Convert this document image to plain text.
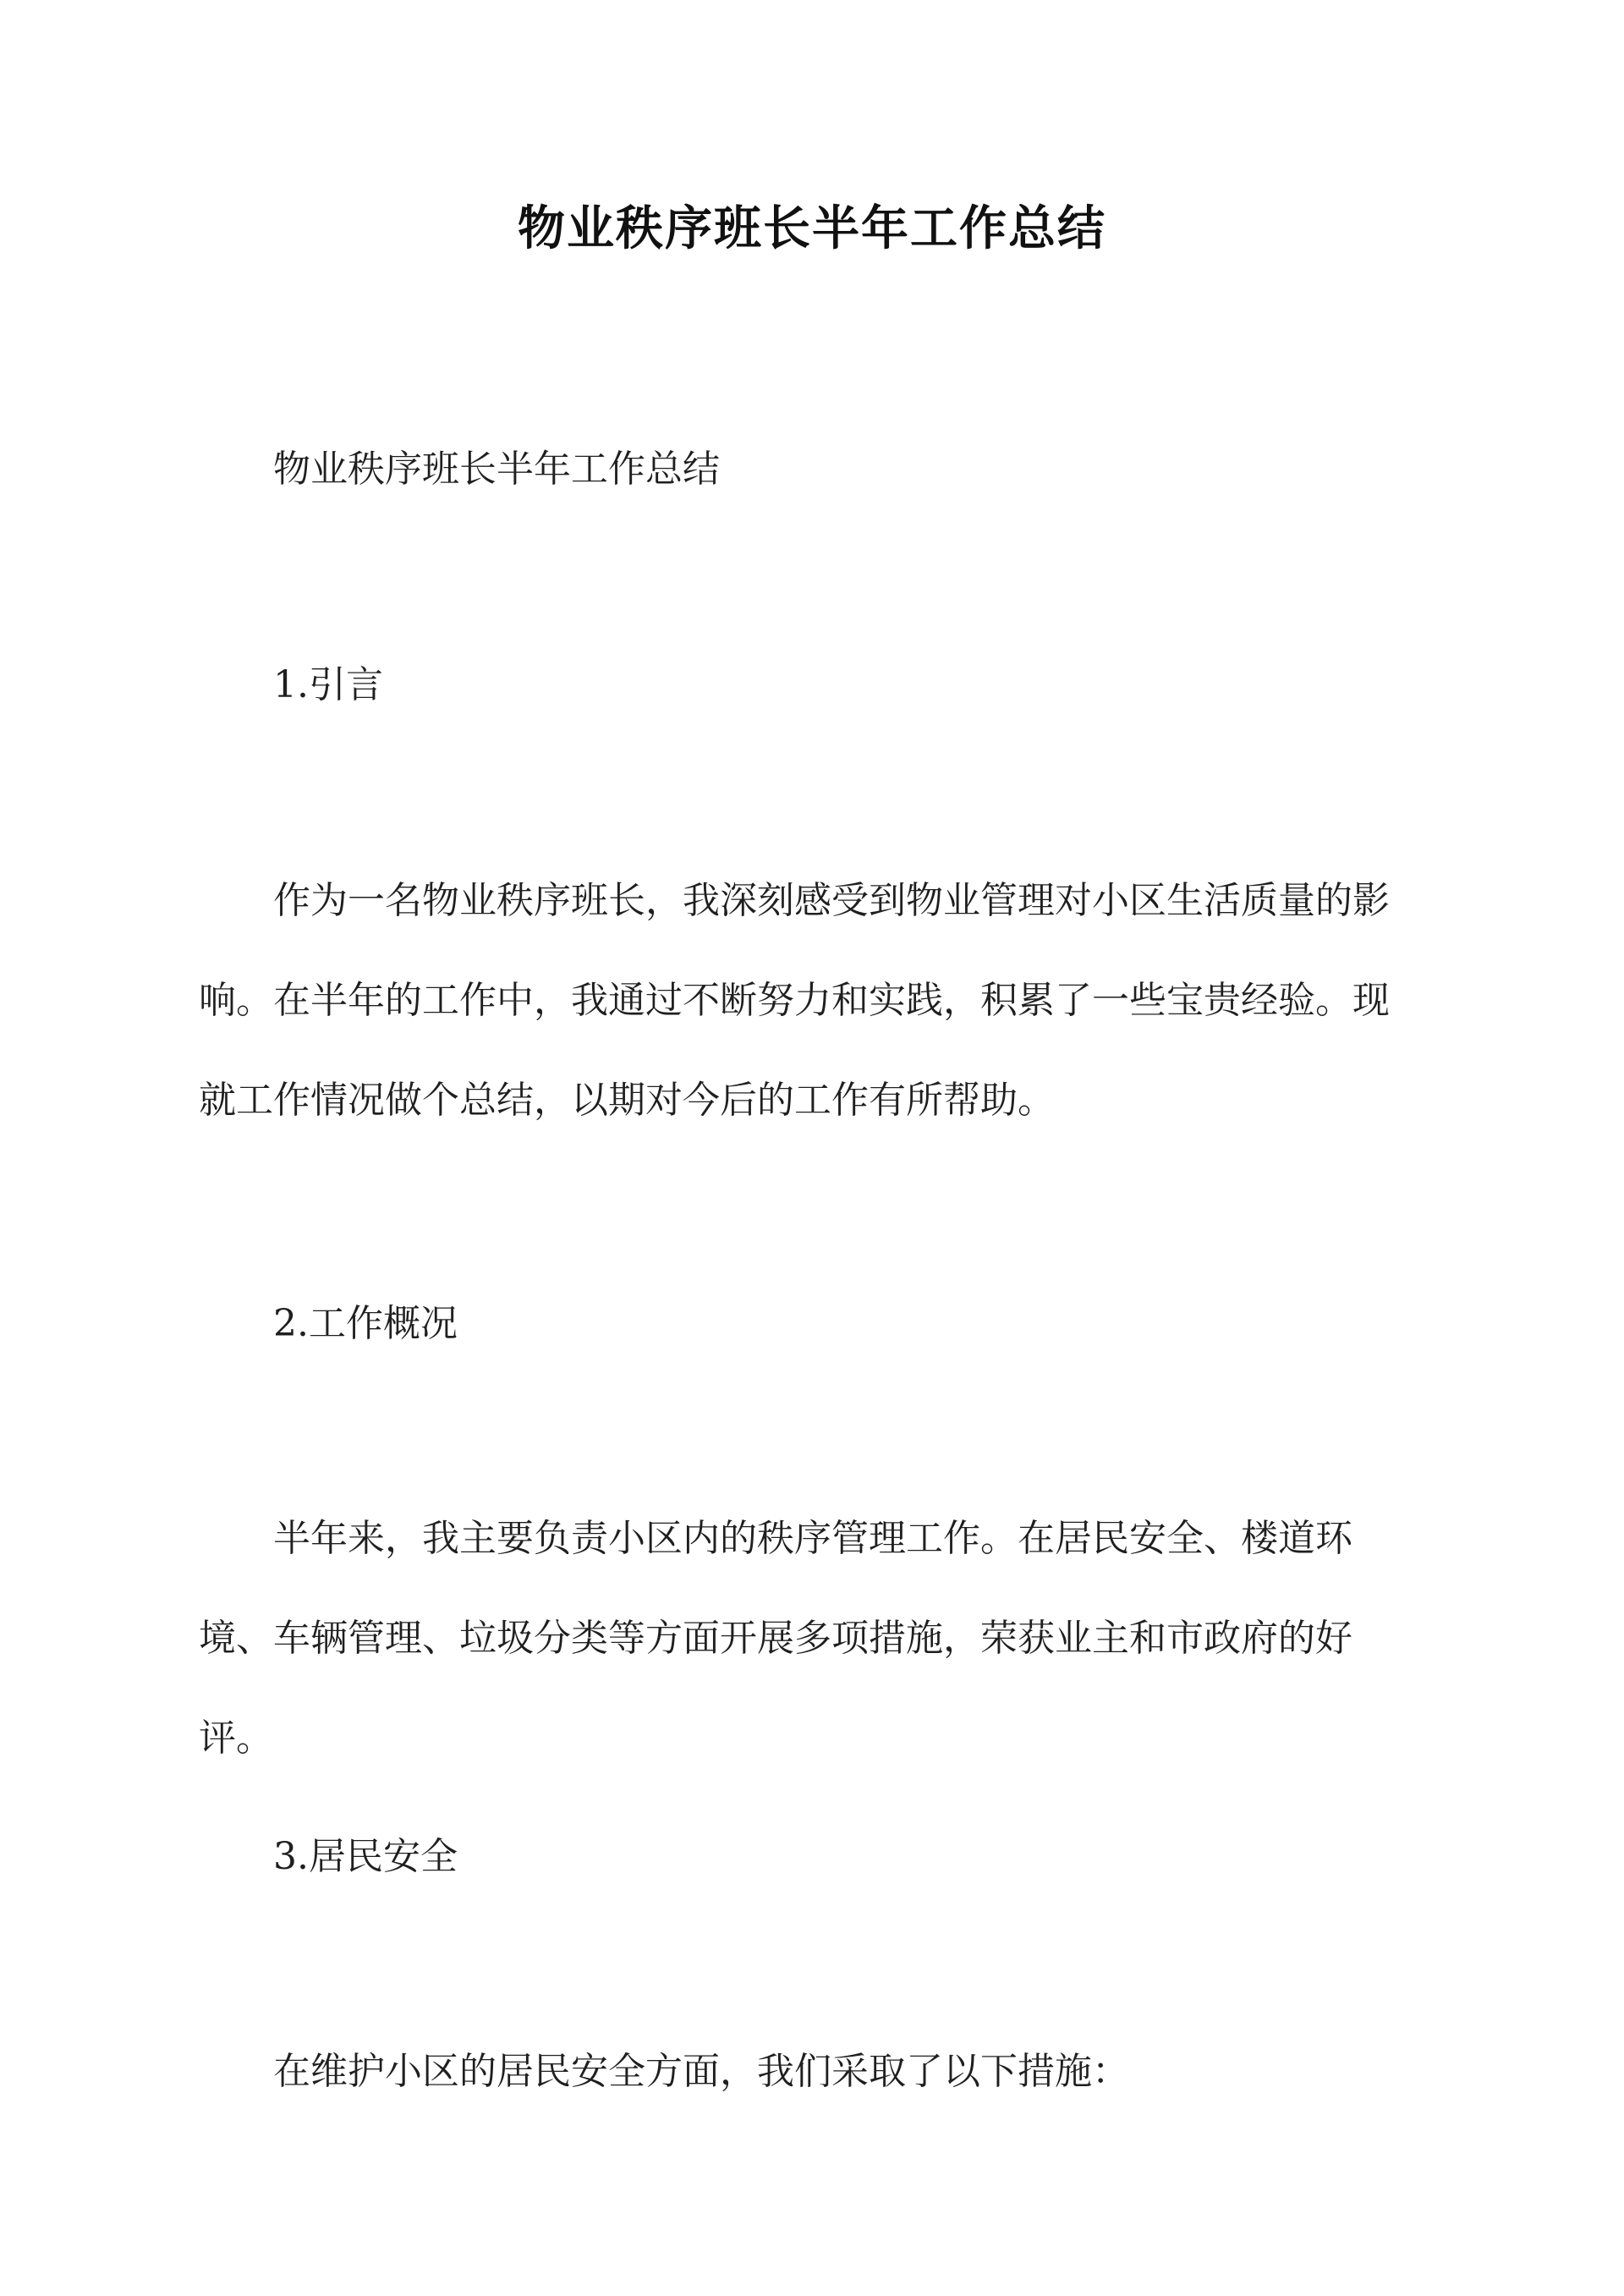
物业秩序班长半年工作总结

物业秩序班长半年工作总结

1.引言

作为一名物业秩序班长，我深刻感受到物业管理对小区生活质量的影响。在半年的工作中，我通过不断努力和实践，积累了一些宝贵经验。现就工作情况做个总结，以期对今后的工作有所帮助。

2.工作概况

半年来，我主要负责小区内的秩序管理工作。在居民安全、楼道环境、车辆管理、垃圾分类等方面开展多项措施，荣获业主和市政府的好评。

3.居民安全

在维护小区的居民安全方面，我们采取了以下措施：
